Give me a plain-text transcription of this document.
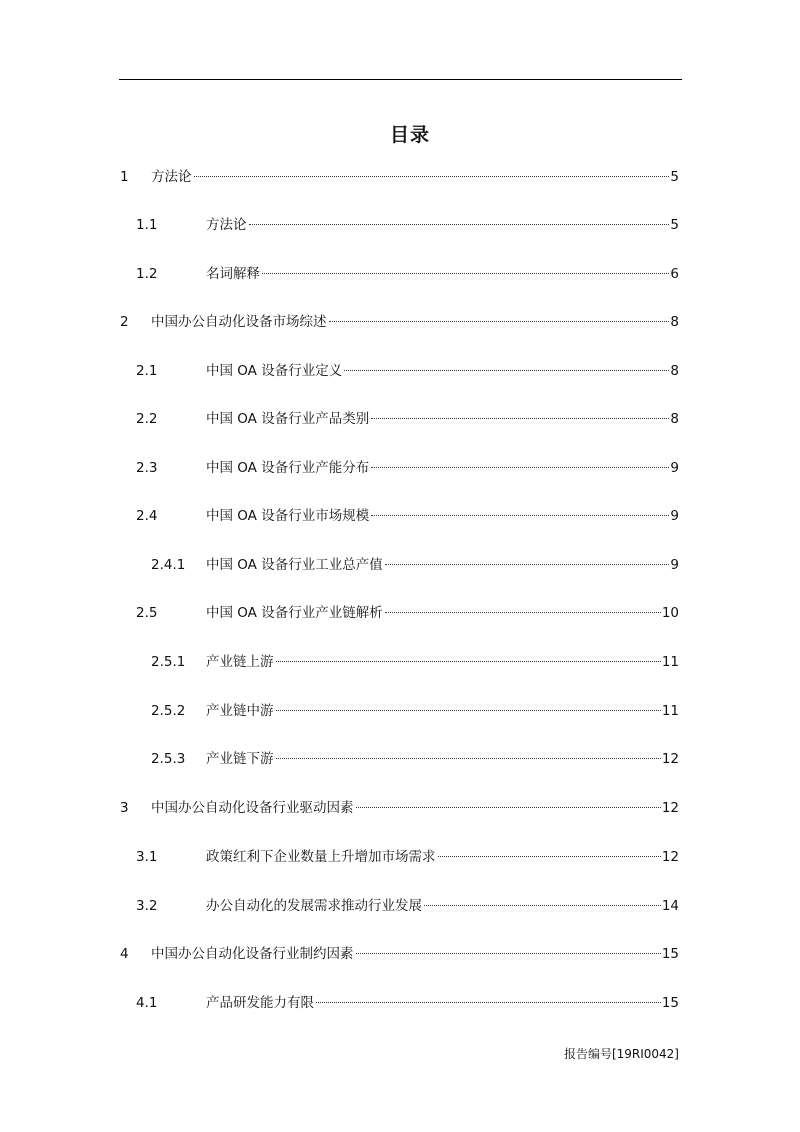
目录
1 方法论	5
1.1	方法论	5
1.2	名词解释	6
2 中国办公自动化设备市场综述	8
2.1	中国 OA 设备行业定义	8
2.2	中国 OA 设备行业产品类别	8
2.3	中国 OA 设备行业产能分布	9
2.4	中国 OA 设备行业市场规模	9
2.4.1 中国 OA 设备行业工业总产值	9
2.5	中国 OA 设备行业产业链解析	10
2.5.1 产业链上游	11
2.5.2 产业链中游	11
2.5.3 产业链下游	12
3 中国办公自动化设备行业驱动因素	12
3.1	政策红利下企业数量上升增加市场需求	12
3.2	办公自动化的发展需求推动行业发展	14
4 中国办公自动化设备行业制约因素	15
4.1	产品研发能力有限	15
报告编号[19RI0042]
